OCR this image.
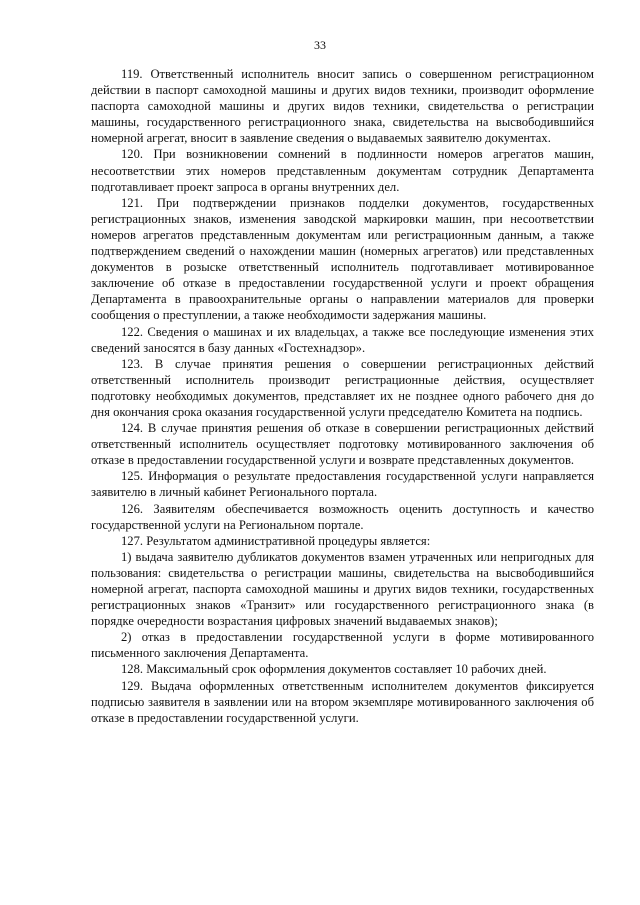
33

119. Ответственный исполнитель вносит запись о совершенном регистрационном действии в паспорт самоходной машины и других видов техники, производит оформление паспорта самоходной машины и других видов техники, свидетельства о регистрации машины, государственного регистрационного знака, свидетельства на высвободившийся номерной агрегат, вносит в заявление сведения о выдаваемых заявителю документах.

120. При возникновении сомнений в подлинности номеров агрегатов машин, несоответствии этих номеров представленным документам сотрудник Департамента подготавливает проект запроса в органы внутренних дел.

121. При подтверждении признаков подделки документов, государственных регистрационных знаков, изменения заводской маркировки машин, при несоответствии номеров агрегатов представленным документам или регистрационным данным, а также подтверждением сведений о нахождении машин (номерных агрегатов) или представленных документов в розыске ответственный исполнитель подготавливает мотивированное заключение об отказе в предоставлении государственной услуги и проект обращения Департамента в правоохранительные органы о направлении материалов для проверки сообщения о преступлении, а также необходимости задержания машины.

122. Сведения о машинах и их владельцах, а также все последующие изменения этих сведений заносятся в базу данных «Гостехнадзор».

123. В случае принятия решения о совершении регистрационных действий ответственный исполнитель производит регистрационные действия, осуществляет подготовку необходимых документов, представляет их не позднее одного рабочего дня до дня окончания срока оказания государственной услуги председателю Комитета на подпись.

124. В случае принятия решения об отказе в совершении регистрационных действий ответственный исполнитель осуществляет подготовку мотивированного заключения об отказе в предоставлении государственной услуги и возврате представленных документов.

125. Информация о результате предоставления государственной услуги направляется заявителю в личный кабинет Регионального портала.

126. Заявителям обеспечивается возможность оценить доступность и качество государственной услуги на Региональном портале.

127. Результатом административной процедуры является:

1) выдача заявителю дубликатов документов взамен утраченных или непригодных для пользования: свидетельства о регистрации машины, свидетельства на высвободившийся номерной агрегат, паспорта самоходной машины и других видов техники, государственных регистрационных знаков «Транзит» или государственного регистрационного знака (в порядке очередности возрастания цифровых значений выдаваемых знаков);

2) отказ в предоставлении государственной услуги в форме мотивированного письменного заключения Департамента.

128. Максимальный срок оформления документов составляет 10 рабочих дней.

129. Выдача оформленных ответственным исполнителем документов фиксируется подписью заявителя в заявлении или на втором экземпляре мотивированного заключения об отказе в предоставлении государственной услуги.
